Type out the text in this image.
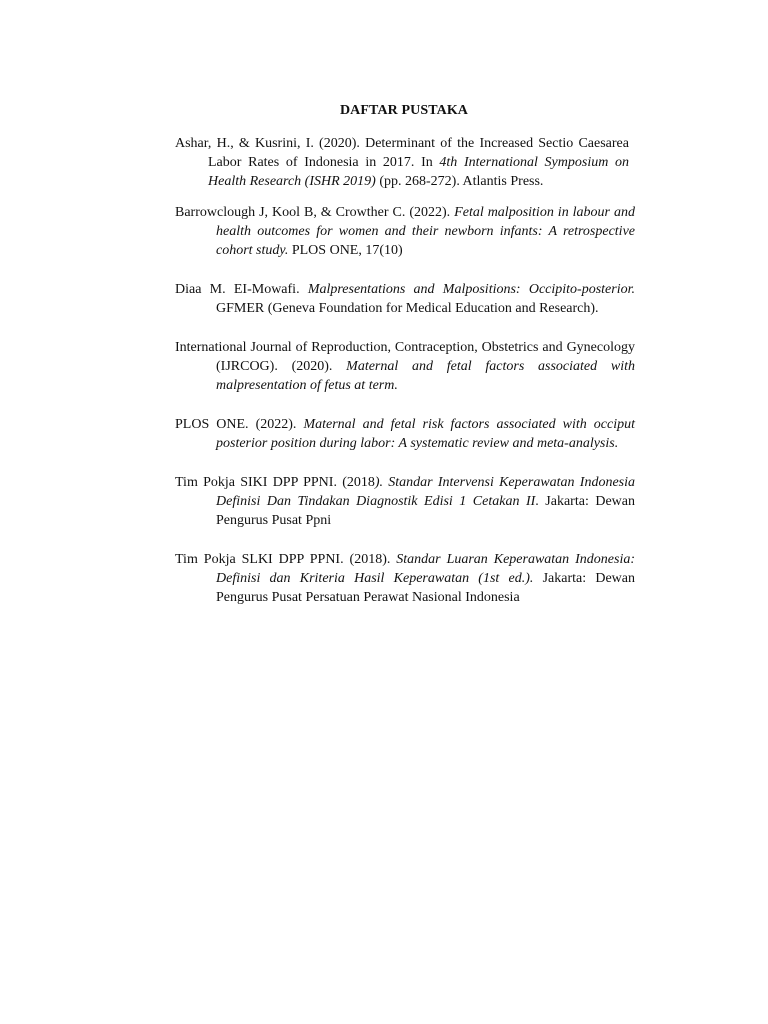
DAFTAR PUSTAKA
Ashar, H., & Kusrini, I. (2020). Determinant of the Increased Sectio Caesarea Labor Rates of Indonesia in 2017. In 4th International Symposium on Health Research (ISHR 2019) (pp. 268-272). Atlantis Press.
Barrowclough J, Kool B, & Crowther C. (2022). Fetal malposition in labour and health outcomes for women and their newborn infants: A retrospective cohort study. PLOS ONE, 17(10)
Diaa M. EI-Mowafi. Malpresentations and Malpositions: Occipito-posterior. GFMER (Geneva Foundation for Medical Education and Research).
International Journal of Reproduction, Contraception, Obstetrics and Gynecology (IJRCOG). (2020). Maternal and fetal factors associated with malpresentation of fetus at term.
PLOS ONE. (2022). Maternal and fetal risk factors associated with occiput posterior position during labor: A systematic review and meta-analysis.
Tim Pokja SIKI DPP PPNI. (2018). Standar Intervensi Keperawatan Indonesia Definisi Dan Tindakan Diagnostik Edisi 1 Cetakan II. Jakarta: Dewan Pengurus Pusat Ppni
Tim Pokja SLKI DPP PPNI. (2018). Standar Luaran Keperawatan Indonesia: Definisi dan Kriteria Hasil Keperawatan (1st ed.). Jakarta: Dewan Pengurus Pusat Persatuan Perawat Nasional Indonesia
